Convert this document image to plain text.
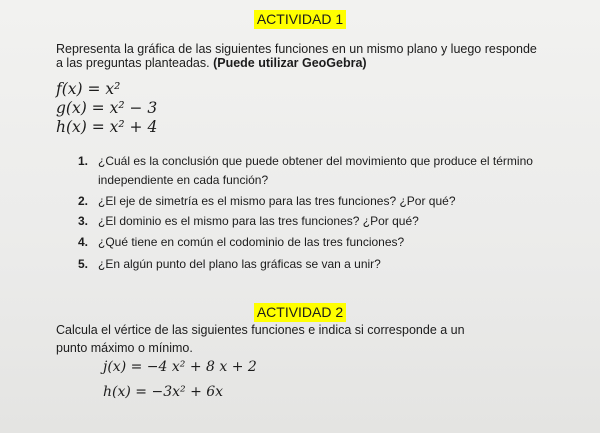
ACTIVIDAD 1

Representa la gráfica de las siguientes funciones en un mismo plano y luego responde a las preguntas planteadas. (Puede utilizar GeoGebra)

f(x) = x²
g(x) = x² − 3
h(x) = x² + 4
1. ¿Cuál es la conclusión que puede obtener del movimiento que produce el término independiente en cada función?

2. ¿El eje de simetría es el mismo para las tres funciones? ¿Por qué?

3. ¿El dominio es el mismo para las tres funciones? ¿Por qué?

4. ¿Qué tiene en común el codominio de las tres funciones?

5. ¿En algún punto del plano las gráficas se van a unir?

ACTIVIDAD 2

Calcula el vértice de las siguientes funciones e indica si corresponde a un punto máximo o mínimo.

j(x) = −4 x² + 8 x + 2
h(x) = −3x² + 6x
